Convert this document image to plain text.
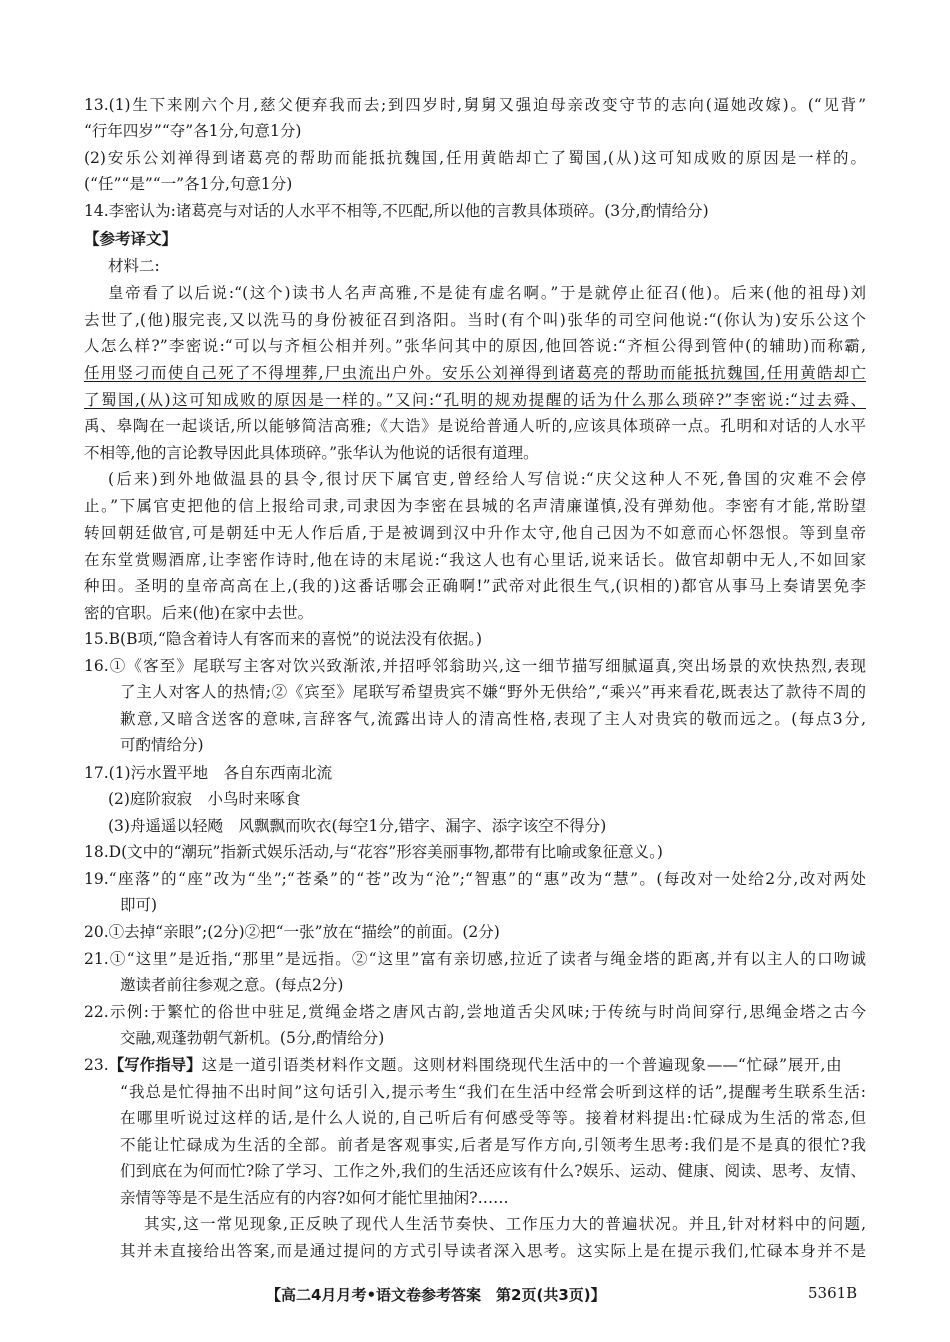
13.(1)生下来刚六个月,慈父便弃我而去;到四岁时,舅舅又强迫母亲改变守节的志向(逼她改嫁)。(“见背”
“行年四岁”“夺”各1分,句意1分)
(2)安乐公刘禅得到诸葛亮的帮助而能抵抗魏国,任用黄皓却亡了蜀国,(从)这可知成败的原因是一样的。
(“任”“是”“一”各1分,句意1分)
14.李密认为:诸葛亮与对话的人水平不相等,不匹配,所以他的言教具体琐碎。(3分,酌情给分)
【参考译文】
材料二:
皇帝看了以后说:“(这个)读书人名声高雅,不是徒有虚名啊。”于是就停止征召(他)。后来(他的祖母)刘
去世了,(他)服完丧,又以洗马的身份被征召到洛阳。当时(有个叫)张华的司空问他说:“(你认为)安乐公这个
人怎么样?”李密说:“可以与齐桓公相并列。”张华问其中的原因,他回答说:“齐桓公得到管仲(的辅助)而称霸,
任用竖刁而使自己死了不得埋葬,尸虫流出户外。安乐公刘禅得到诸葛亮的帮助而能抵抗魏国,任用黄皓却亡
了蜀国,(从)这可知成败的原因是一样的。”又问:“孔明的规劝提醒的话为什么那么琐碎?”李密说:“过去舜、
禹、皋陶在一起谈话,所以能够简洁高雅;《大诰》是说给普通人听的,应该具体琐碎一点。孔明和对话的人水平
不相等,他的言论教导因此具体琐碎。”张华认为他说的话很有道理。
(后来)到外地做温县的县令,很讨厌下属官吏,曾经给人写信说:“庆父这种人不死,鲁国的灾难不会停
止。”下属官吏把他的信上报给司隶,司隶因为李密在县城的名声清廉谨慎,没有弹劾他。李密有才能,常盼望
转回朝廷做官,可是朝廷中无人作后盾,于是被调到汉中升作太守,他自己因为不如意而心怀怨恨。等到皇帝
在东堂赏赐酒席,让李密作诗时,他在诗的末尾说:“我这人也有心里话,说来话长。做官却朝中无人,不如回家
种田。圣明的皇帝高高在上,(我的)这番话哪会正确啊!”武帝对此很生气,(识相的)都官从事马上奏请罢免李
密的官职。后来(他)在家中去世。
15.B(B项,“隐含着诗人有客而来的喜悦”的说法没有依据。)
16.①《客至》尾联写主客对饮兴致渐浓,并招呼邻翁助兴,这一细节描写细腻逼真,突出场景的欢快热烈,表现
了主人对客人的热情;②《宾至》尾联写希望贵宾不嫌“野外无供给”,“乘兴”再来看花,既表达了款待不周的
歉意,又暗含送客的意味,言辞客气,流露出诗人的清高性格,表现了主人对贵宾的敬而远之。(每点3分,
可酌情给分)
17.(1)污水置平地　各自东西南北流
(2)庭阶寂寂　小鸟时来啄食
(3)舟遥遥以轻飏　风飘飘而吹衣(每空1分,错字、漏字、添字该空不得分)
18.D(文中的“潮玩”指新式娱乐活动,与“花容”形容美丽事物,都带有比喻或象征意义。)
19.“座落”的“座”改为“坐”;“苍桑”的“苍”改为“沧”;“智惠”的“惠”改为“慧”。(每改对一处给2分,改对两处
即可)
20.①去掉“亲眼”;(2分)②把“一张”放在“描绘”的前面。(2分)
21.①“这里”是近指,“那里”是远指。②“这里”富有亲切感,拉近了读者与绳金塔的距离,并有以主人的口吻诚
邀读者前往参观之意。(每点2分)
22.示例:于繁忙的俗世中驻足,赏绳金塔之唐风古韵,尝地道舌尖风味;于传统与时尚间穿行,思绳金塔之古今
交融,观蓬勃朝气新机。(5分,酌情给分)
23.【写作指导】这是一道引语类材料作文题。这则材料围绕现代生活中的一个普遍现象——“忙碌”展开,由
“我总是忙得抽不出时间”这句话引入,提示考生“我们在生活中经常会听到这样的话”,提醒考生联系生活:
在哪里听说过这样的话,是什么人说的,自己听后有何感受等等。接着材料提出:忙碌成为生活的常态,但
不能让忙碌成为生活的全部。前者是客观事实,后者是写作方向,引领考生思考:我们是不是真的很忙?我
们到底在为何而忙?除了学习、工作之外,我们的生活还应该有什么?娱乐、运动、健康、阅读、思考、友情、
亲情等等是不是生活应有的内容?如何才能忙里抽闲?……
其实,这一常见现象,正反映了现代人生活节奏快、工作压力大的普遍状况。并且,针对材料中的问题,
其并未直接给出答案,而是通过提问的方式引导读者深入思考。这实际上是在提示我们,忙碌本身并不是
【高二4月月考•语文卷参考答案　第2页(共3页)】	5361B
